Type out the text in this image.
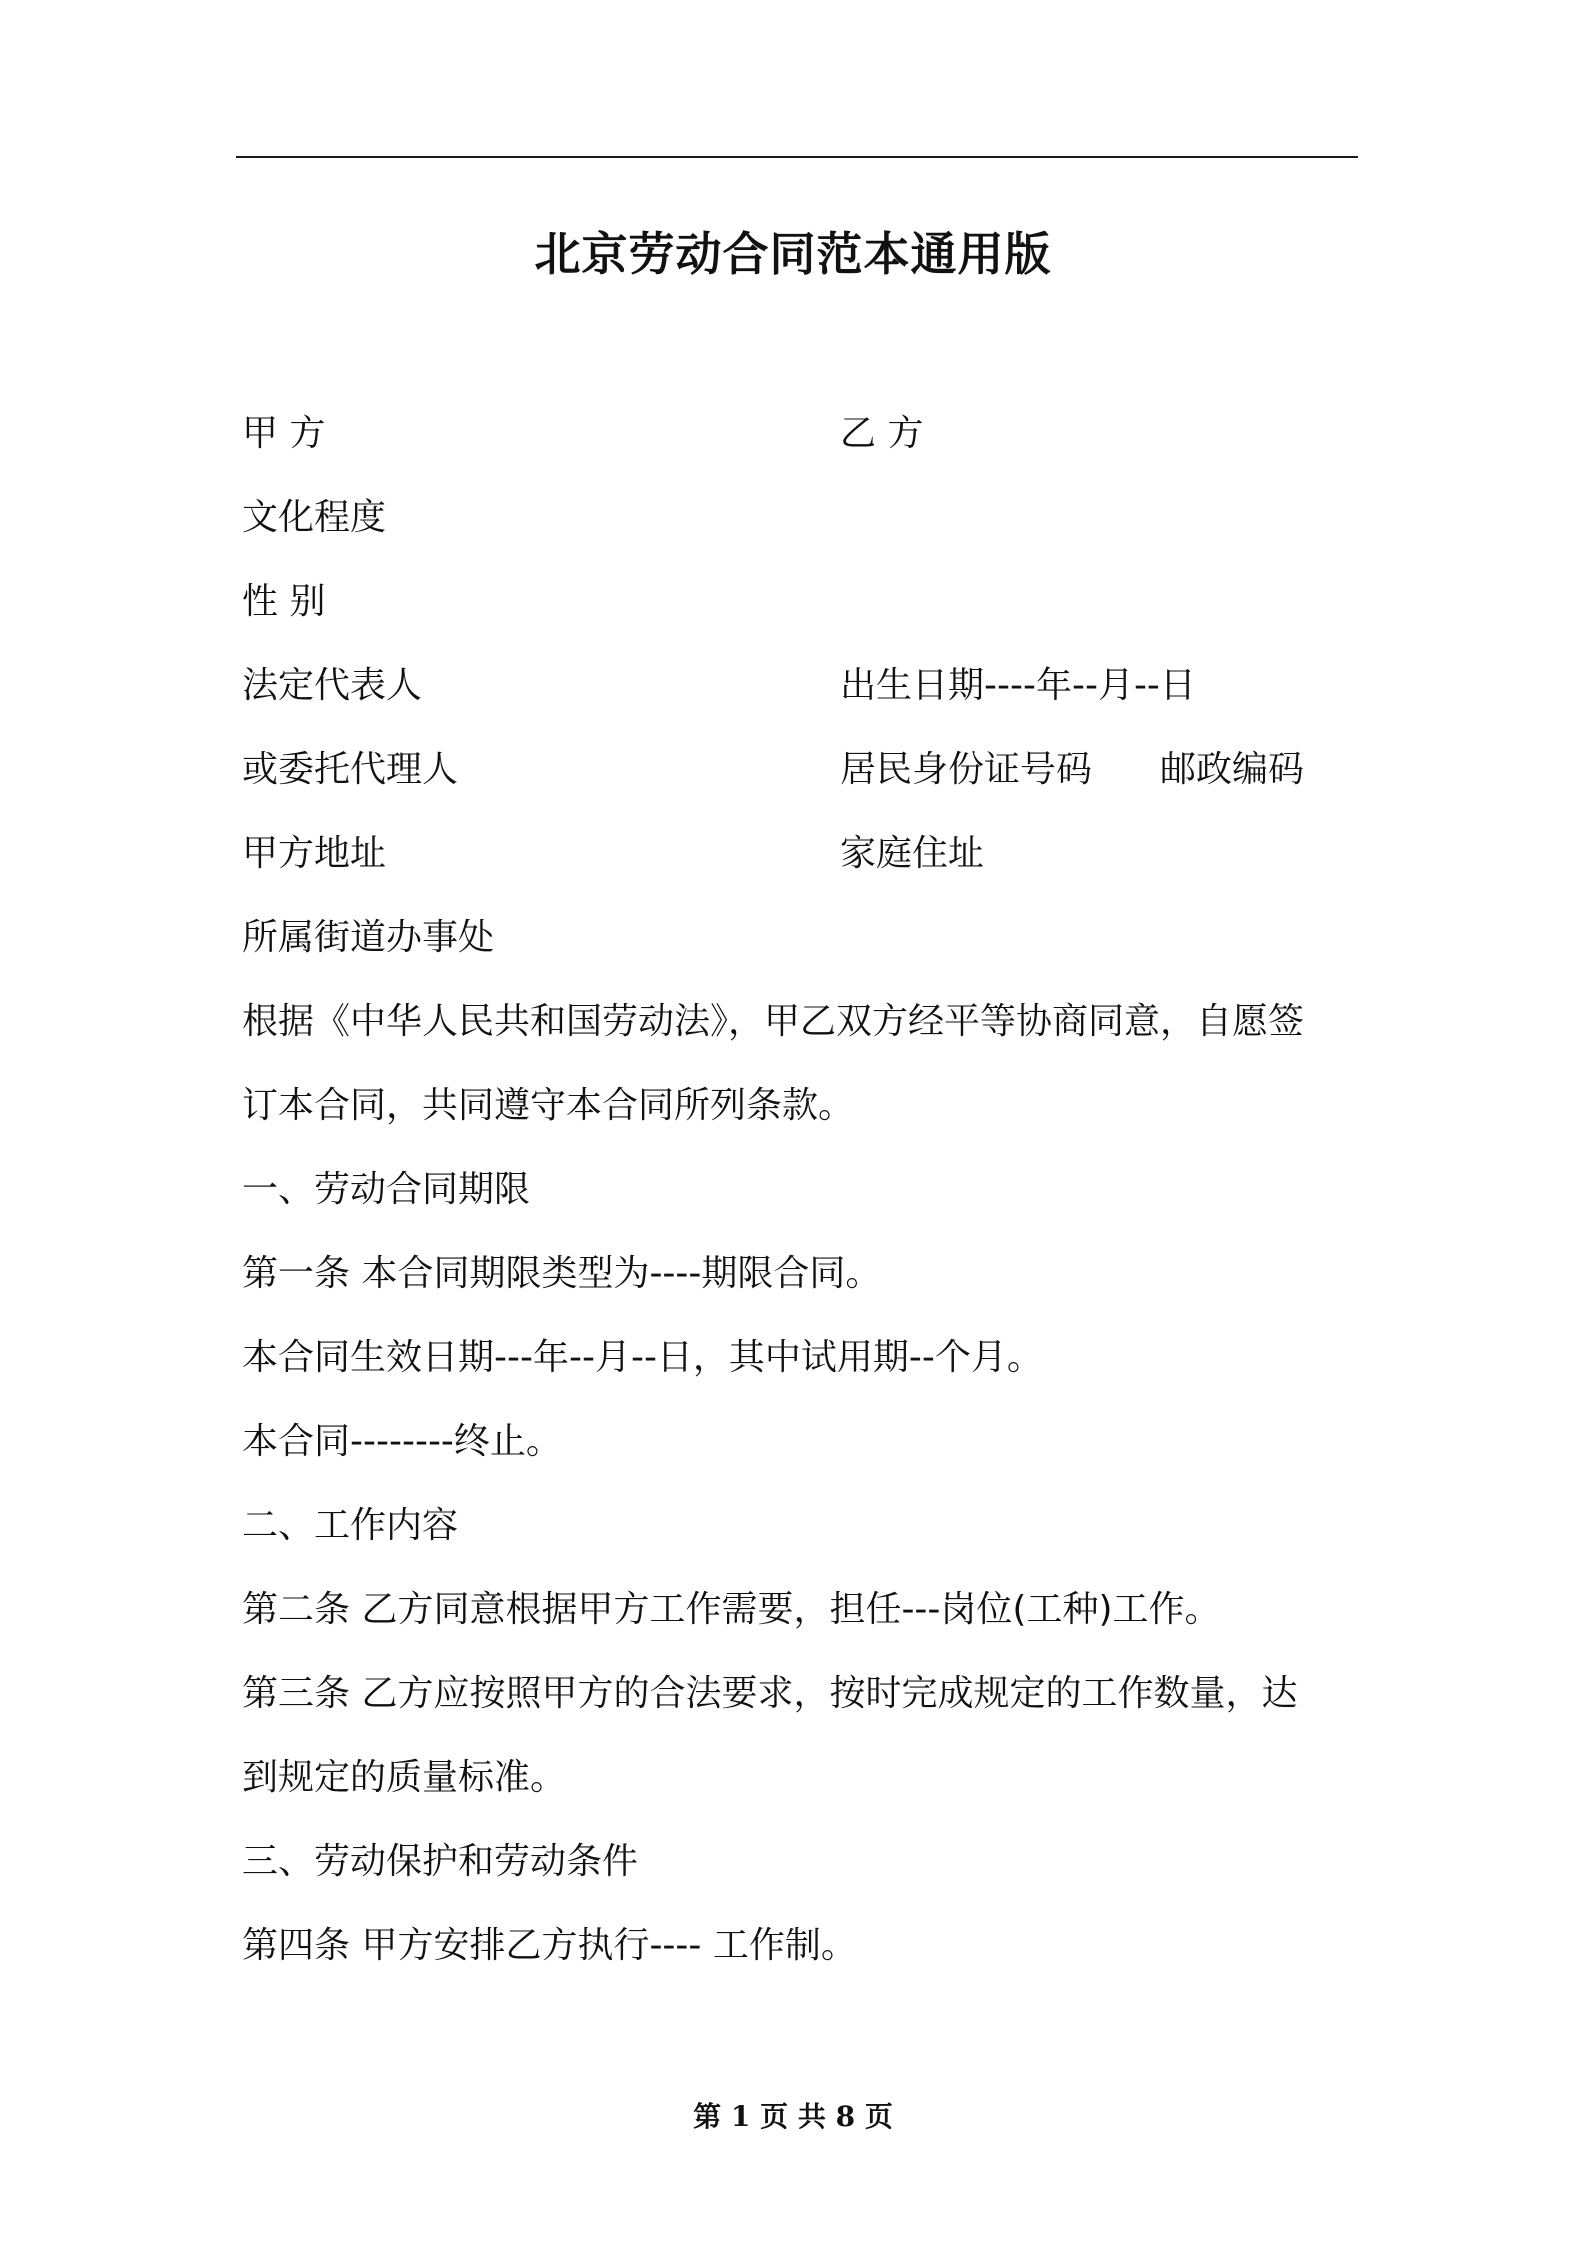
北京劳动合同范本通用版
甲 方	乙 方
文化程度
性 别
法定代表人	出生日期----年--月--日
或委托代理人	居民身份证号码 邮政编码
甲方地址	家庭住址
所属街道办事处

根据《中华人民共和国劳动法》，甲乙双方经平等协商同意，自愿签

订本合同，共同遵守本合同所列条款。

一、劳动合同期限

第一条 本合同期限类型为----期限合同。

本合同生效日期---年--月--日，其中试用期--个月。

本合同--------终止。

二、工作内容

第二条 乙方同意根据甲方工作需要，担任---岗位(工种)工作。

第三条 乙方应按照甲方的合法要求，按时完成规定的工作数量，达

到规定的质量标准。

三、劳动保护和劳动条件

第四条 甲方安排乙方执行---- 工作制。

第 1 页 共 8 页
